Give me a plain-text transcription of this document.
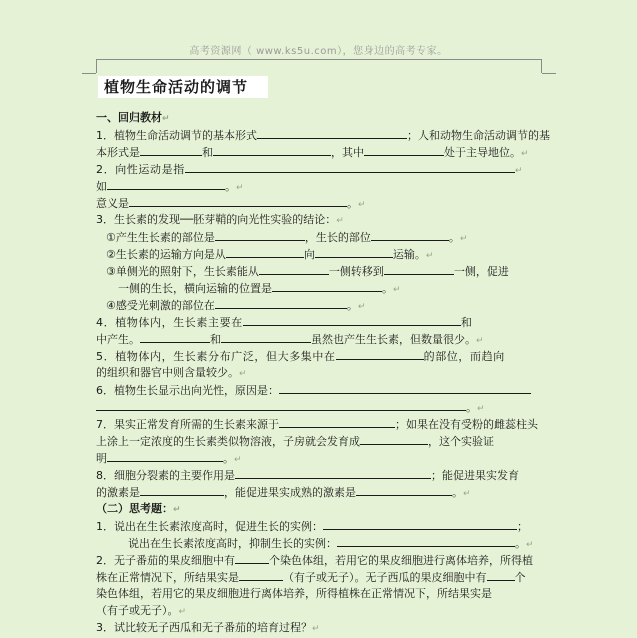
高考资源网（ www.ks5u.com），您身边的高考专家。
植物生命活动的调节
一、回归教材↵
1．植物生命活动调节的基本形式	；人和动物生命活动调节的基
本形式是	和	，其中	处于主导地位。↵
2．向性运动是指	↵
如	。↵
意义是	。↵
3．生长素的发现──胚芽鞘的向光性实验的结论：↵
①产生生长素的部位是	，生长的部位	。↵
②生长素的运输方向是从	向	运输。↵
③单侧光的照射下，生长素能从	一侧转移到	一侧，促进
一侧的生长，横向运输的位置是	。↵
④感受光刺激的部位在	。↵
4．植物体内，生长素主要在	和
中产生。	和	虽然也产生生长素，但数量很少。↵
5．植物体内，生长素分布广泛，但大多集中在	的部位，而趋向
的组织和器官中则含量较少。↵
6．植物生长显示出向光性，原因是：
。↵
7．果实正常发育所需的生长素来源于	；如果在没有受粉的雌蕊柱头
上涂上一定浓度的生长素类似物溶液，子房就会发育成	，这个实验证
明	。↵
8．细胞分裂素的主要作用是	；能促进果实发育
的激素是	，能促进果实成熟的激素是	。↵
（二）思考题：↵
1．说出在生长素浓度高时，促进生长的实例：	；
说出在生长素浓度高时，抑制生长的实例：	。↵
2．无子番茄的果皮细胞中有	个染色体组，若用它的果皮细胞进行离体培养，所得植
株在正常情况下，所结果实是	（有子或无子）。无子西瓜的果皮细胞中有	个
染色体组，若用它的果皮细胞进行离体培养，所得植株在正常情况下，所结果实是
（有子或无子）。↵
3．试比较无子西瓜和无子番茄的培育过程？↵
